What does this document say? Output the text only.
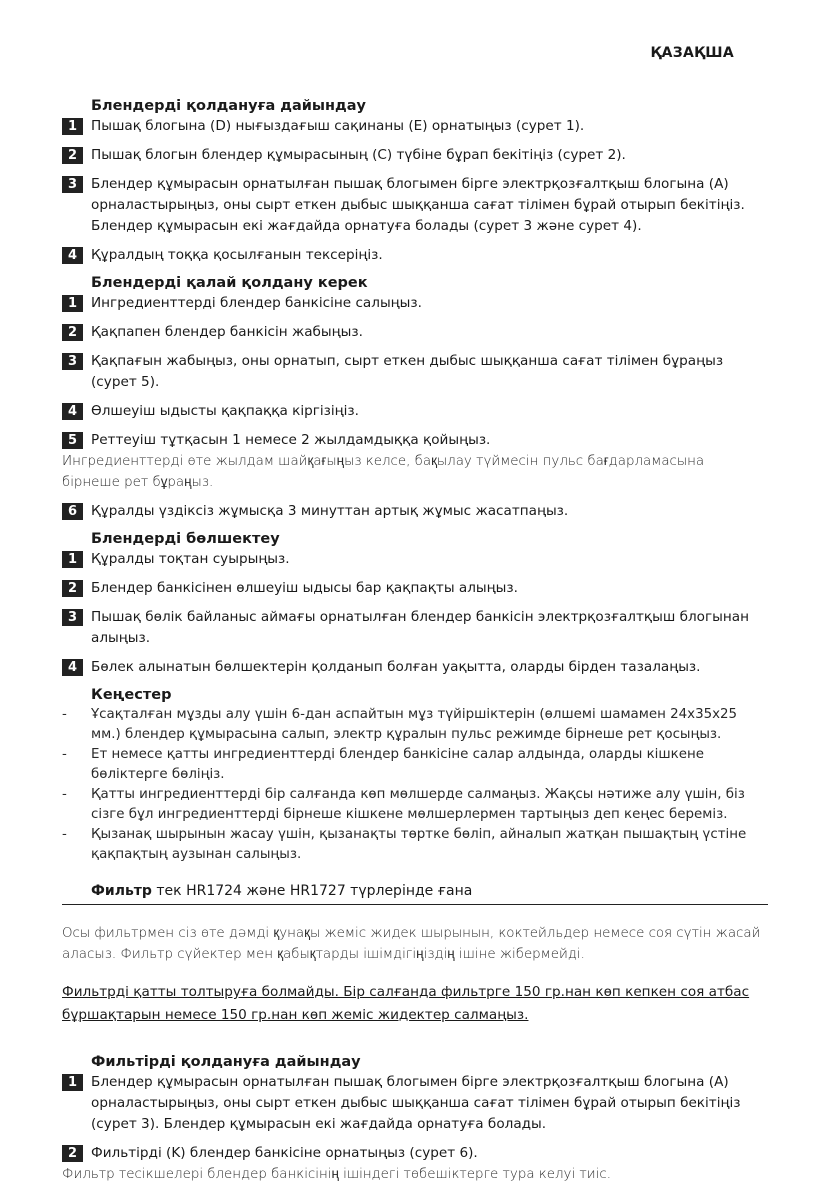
ҚАЗАҚША
Блендерді қолдануға дайындау
1	Пышақ блогына (D) нығыздағыш сақинаны (E) орнатыңыз (сурет 1).
2	Пышақ блогын блендер құмырасының (C) түбіне бұрап бекітіңіз (сурет 2).
3	Блендер құмырасын орнатылған пышақ блогымен бірге электрқозғалтқыш блогына (A) орналастырыңыз, оны сырт еткен дыбыс шыққанша сағат тілімен бұрай отырып бекітіңіз. Блендер құмырасын екі жағдайда орнатуға болады (сурет 3 және сурет 4).
4	Құралдың тоққа қосылғанын тексеріңіз.
Блендерді қалай қолдану керек
1	Ингредиенттерді блендер банкісіне салыңыз.
2	Қақпапен блендер банкісін жабыңыз.
3	Қақпағын жабыңыз, оны орнатып, сырт еткен дыбыс шыққанша сағат тілімен бұраңыз (сурет 5).
4	Өлшеуіш ыдысты қақпаққа кіргізіңіз.
5	Реттеуіш тұтқасын 1 немесе 2 жылдамдыққа қойыңыз.
Ингредиенттерді өте жылдам шайқағыңыз келсе, бақылау түймесін пульс бағдарламасына бірнеше рет бұраңыз.
6	Құралды үздіксіз жұмысқа 3 минуттан артық жұмыс жасатпаңыз.
Блендерді бөлшектеу
1	Құралды тоқтан суырыңыз.
2	Блендер банкісінен өлшеуіш ыдысы бар қақпақты алыңыз.
3	Пышақ бөлік байланыс аймағы орнатылған блендер банкісін электрқозғалтқыш блогынан алыңыз.
4	Бөлек алынатын бөлшектерін қолданып болған уақытта, оларды бірден тазалаңыз.
Кеңестер
- Ұсақталған мұзды алу үшін 6-дан аспайтын мұз түйіршіктерін (өлшемі шамамен 24x35x25 мм.) блендер құмырасына салып, электр құралын пульс режимде бірнеше рет қосыңыз.
- Ет немесе қатты ингредиенттерді блендер банкісіне салар алдында, оларды кішкене бөліктерге бөліңіз.
- Қатты ингредиенттерді бір салғанда көп мөлшерде салмаңыз. Жақсы нәтиже алу үшін, біз сізге бұл ингредиенттерді бірнеше кішкене мөлшерлермен тартыңыз деп кеңес береміз.
- Қызанақ шырынын жасау үшін, қызанақты төртке бөліп, айналып жатқан пышақтың үстіне қақпақтың аузынан салыңыз.
Фильтр тек HR1724 және HR1727 түрлерінде ғана
Осы фильтрмен сіз өте дәмді қунақы жеміс жидек шырынын, коктейльдер немесе соя сүтін жасай аласыз. Фильтр сүйектер мен қабықтарды ішімдігіңіздің ішіне жібермейді.
Фильтрді қатты толтыруға болмайды. Бір салғанда фильтрге 150 гр.нан көп кепкен соя атбас бұршақтарын немесе 150 гр.нан көп жеміс жидектер салмаңыз.
Фильтірді қолдануға дайындау
1	Блендер құмырасын орнатылған пышақ блогымен бірге электрқозғалтқыш блогына (A) орналастырыңыз, оны сырт еткен дыбыс шыққанша сағат тілімен бұрай отырып бекітіңіз (сурет 3). Блендер құмырасын екі жағдайда орнатуға болады.
2	Фильтірді (K) блендер банкісіне орнатыңыз (сурет 6).
Фильтр тесікшелері блендер банкісінің ішіндегі төбешіктерге тура келуі тиіс.
